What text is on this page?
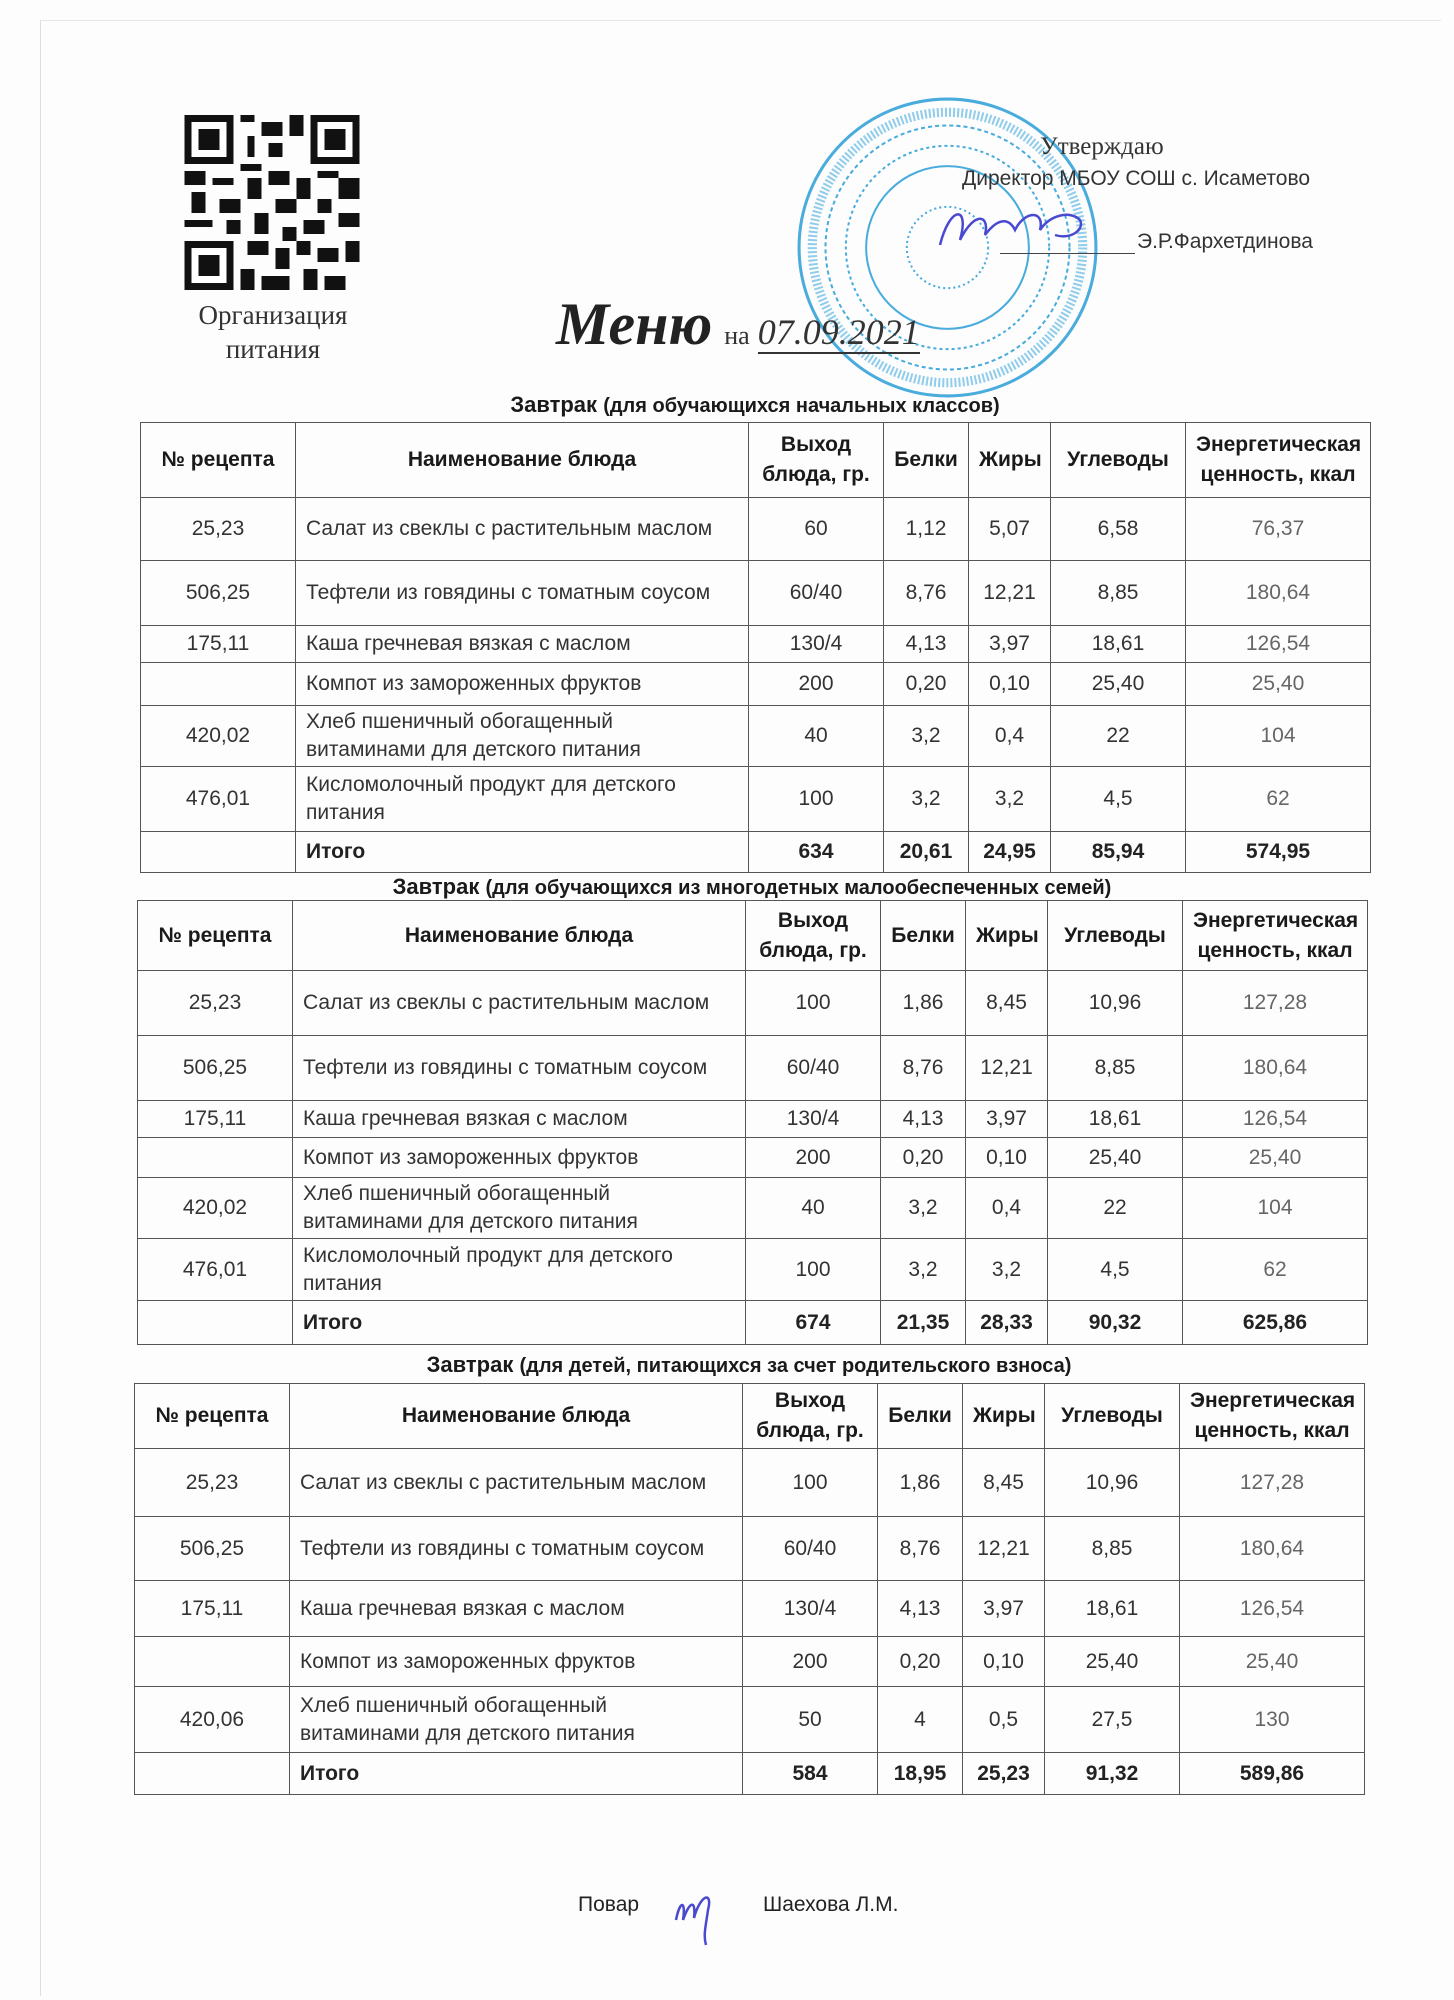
Организация
питания	Меню на 07.09.2021
Утверждаю
Директор МБОУ СОШ с. Исаметово
Э.Р.Фархетдинова
Завтрак (для обучающихся начальных классов)
№ рецепта	Наименование блюда	Выход блюда, гр.	Белки	Жиры	Углеводы	Энергетическая ценность, ккал
25,23	Салат из свеклы с растительным маслом	60	1,12	5,07	6,58	76,37
506,25	Тефтели из говядины с томатным соусом	60/40	8,76	12,21	8,85	180,64
175,11	Каша гречневая вязкая с маслом	130/4	4,13	3,97	18,61	126,54
	Компот из замороженных фруктов	200	0,20	0,10	25,40	25,40
420,02	Хлеб пшеничный обогащенный витаминами для детского питания	40	3,2	0,4	22	104
476,01	Кисломолочный продукт для детского питания	100	3,2	3,2	4,5	62
	Итого	634	20,61	24,95	85,94	574,95
Завтрак (для обучающихся из многодетных малообеспеченных семей)
№ рецепта	Наименование блюда	Выход блюда, гр.	Белки	Жиры	Углеводы	Энергетическая ценность, ккал
25,23	Салат из свеклы с растительным маслом	100	1,86	8,45	10,96	127,28
506,25	Тефтели из говядины с томатным соусом	60/40	8,76	12,21	8,85	180,64
175,11	Каша гречневая вязкая с маслом	130/4	4,13	3,97	18,61	126,54
	Компот из замороженных фруктов	200	0,20	0,10	25,40	25,40
420,02	Хлеб пшеничный обогащенный витаминами для детского питания	40	3,2	0,4	22	104
476,01	Кисломолочный продукт для детского питания	100	3,2	3,2	4,5	62
	Итого	674	21,35	28,33	90,32	625,86
Завтрак (для детей, питающихся за счет родительского взноса)
№ рецепта	Наименование блюда	Выход блюда, гр.	Белки	Жиры	Углеводы	Энергетическая ценность, ккал
25,23	Салат из свеклы с растительным маслом	100	1,86	8,45	10,96	127,28
506,25	Тефтели из говядины с томатным соусом	60/40	8,76	12,21	8,85	180,64
175,11	Каша гречневая вязкая с маслом	130/4	4,13	3,97	18,61	126,54
	Компот из замороженных фруктов	200	0,20	0,10	25,40	25,40
420,06	Хлеб пшеничный обогащенный витаминами для детского питания	50	4	0,5	27,5	130
	Итого	584	18,95	25,23	91,32	589,86
Повар	Шаехова Л.М.
